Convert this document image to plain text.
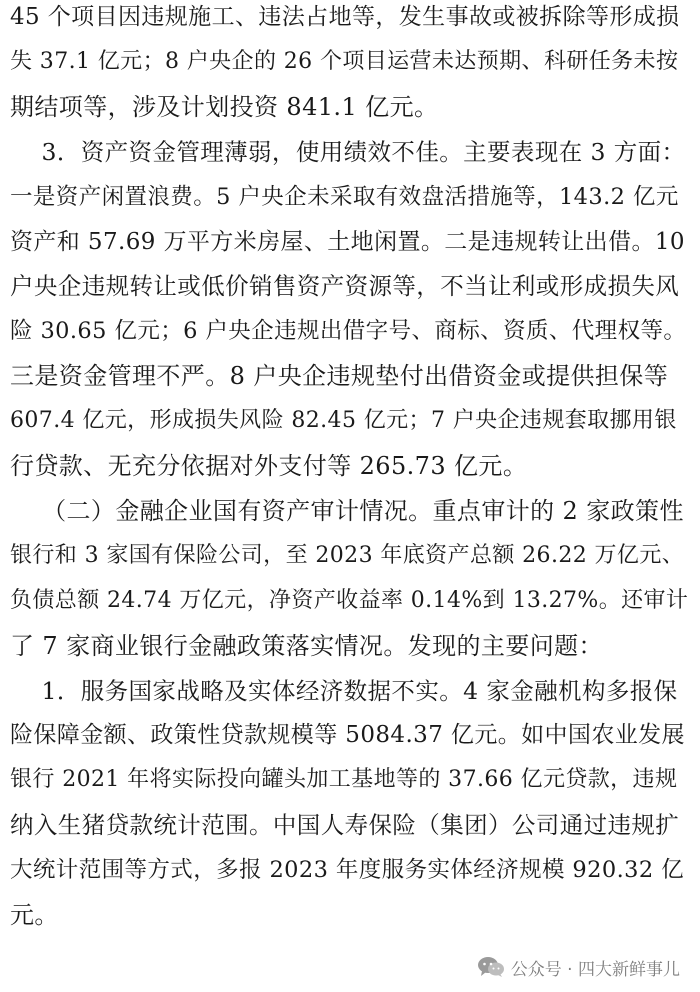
45 个项目因违规施工、违法占地等，发生事故或被拆除等形成损
失 37.1 亿元；8 户央企的 26 个项目运营未达预期、科研任务未按
期结项等，涉及计划投资 841.1 亿元。
3．资产资金管理薄弱，使用绩效不佳。主要表现在 3 方面：
一是资产闲置浪费。5 户央企未采取有效盘活措施等，143.2 亿元
资产和 57.69 万平方米房屋、土地闲置。二是违规转让出借。10
户央企违规转让或低价销售资产资源等，不当让利或形成损失风
险 30.65 亿元；6 户央企违规出借字号、商标、资质、代理权等。
三是资金管理不严。8 户央企违规垫付出借资金或提供担保等
607.4 亿元，形成损失风险 82.45 亿元；7 户央企违规套取挪用银
行贷款、无充分依据对外支付等 265.73 亿元。
（二）金融企业国有资产审计情况。重点审计的 2 家政策性
银行和 3 家国有保险公司，至 2023 年底资产总额 26.22 万亿元、
负债总额 24.74 万亿元，净资产收益率 0.14%到 13.27%。还审计
了 7 家商业银行金融政策落实情况。发现的主要问题：
1．服务国家战略及实体经济数据不实。4 家金融机构多报保
险保障金额、政策性贷款规模等 5084.37 亿元。如中国农业发展
银行 2021 年将实际投向罐头加工基地等的 37.66 亿元贷款，违规
纳入生猪贷款统计范围。中国人寿保险（集团）公司通过违规扩
大统计范围等方式，多报 2023 年度服务实体经济规模 920.32 亿
元。
公众号 · 四大新鲜事儿
